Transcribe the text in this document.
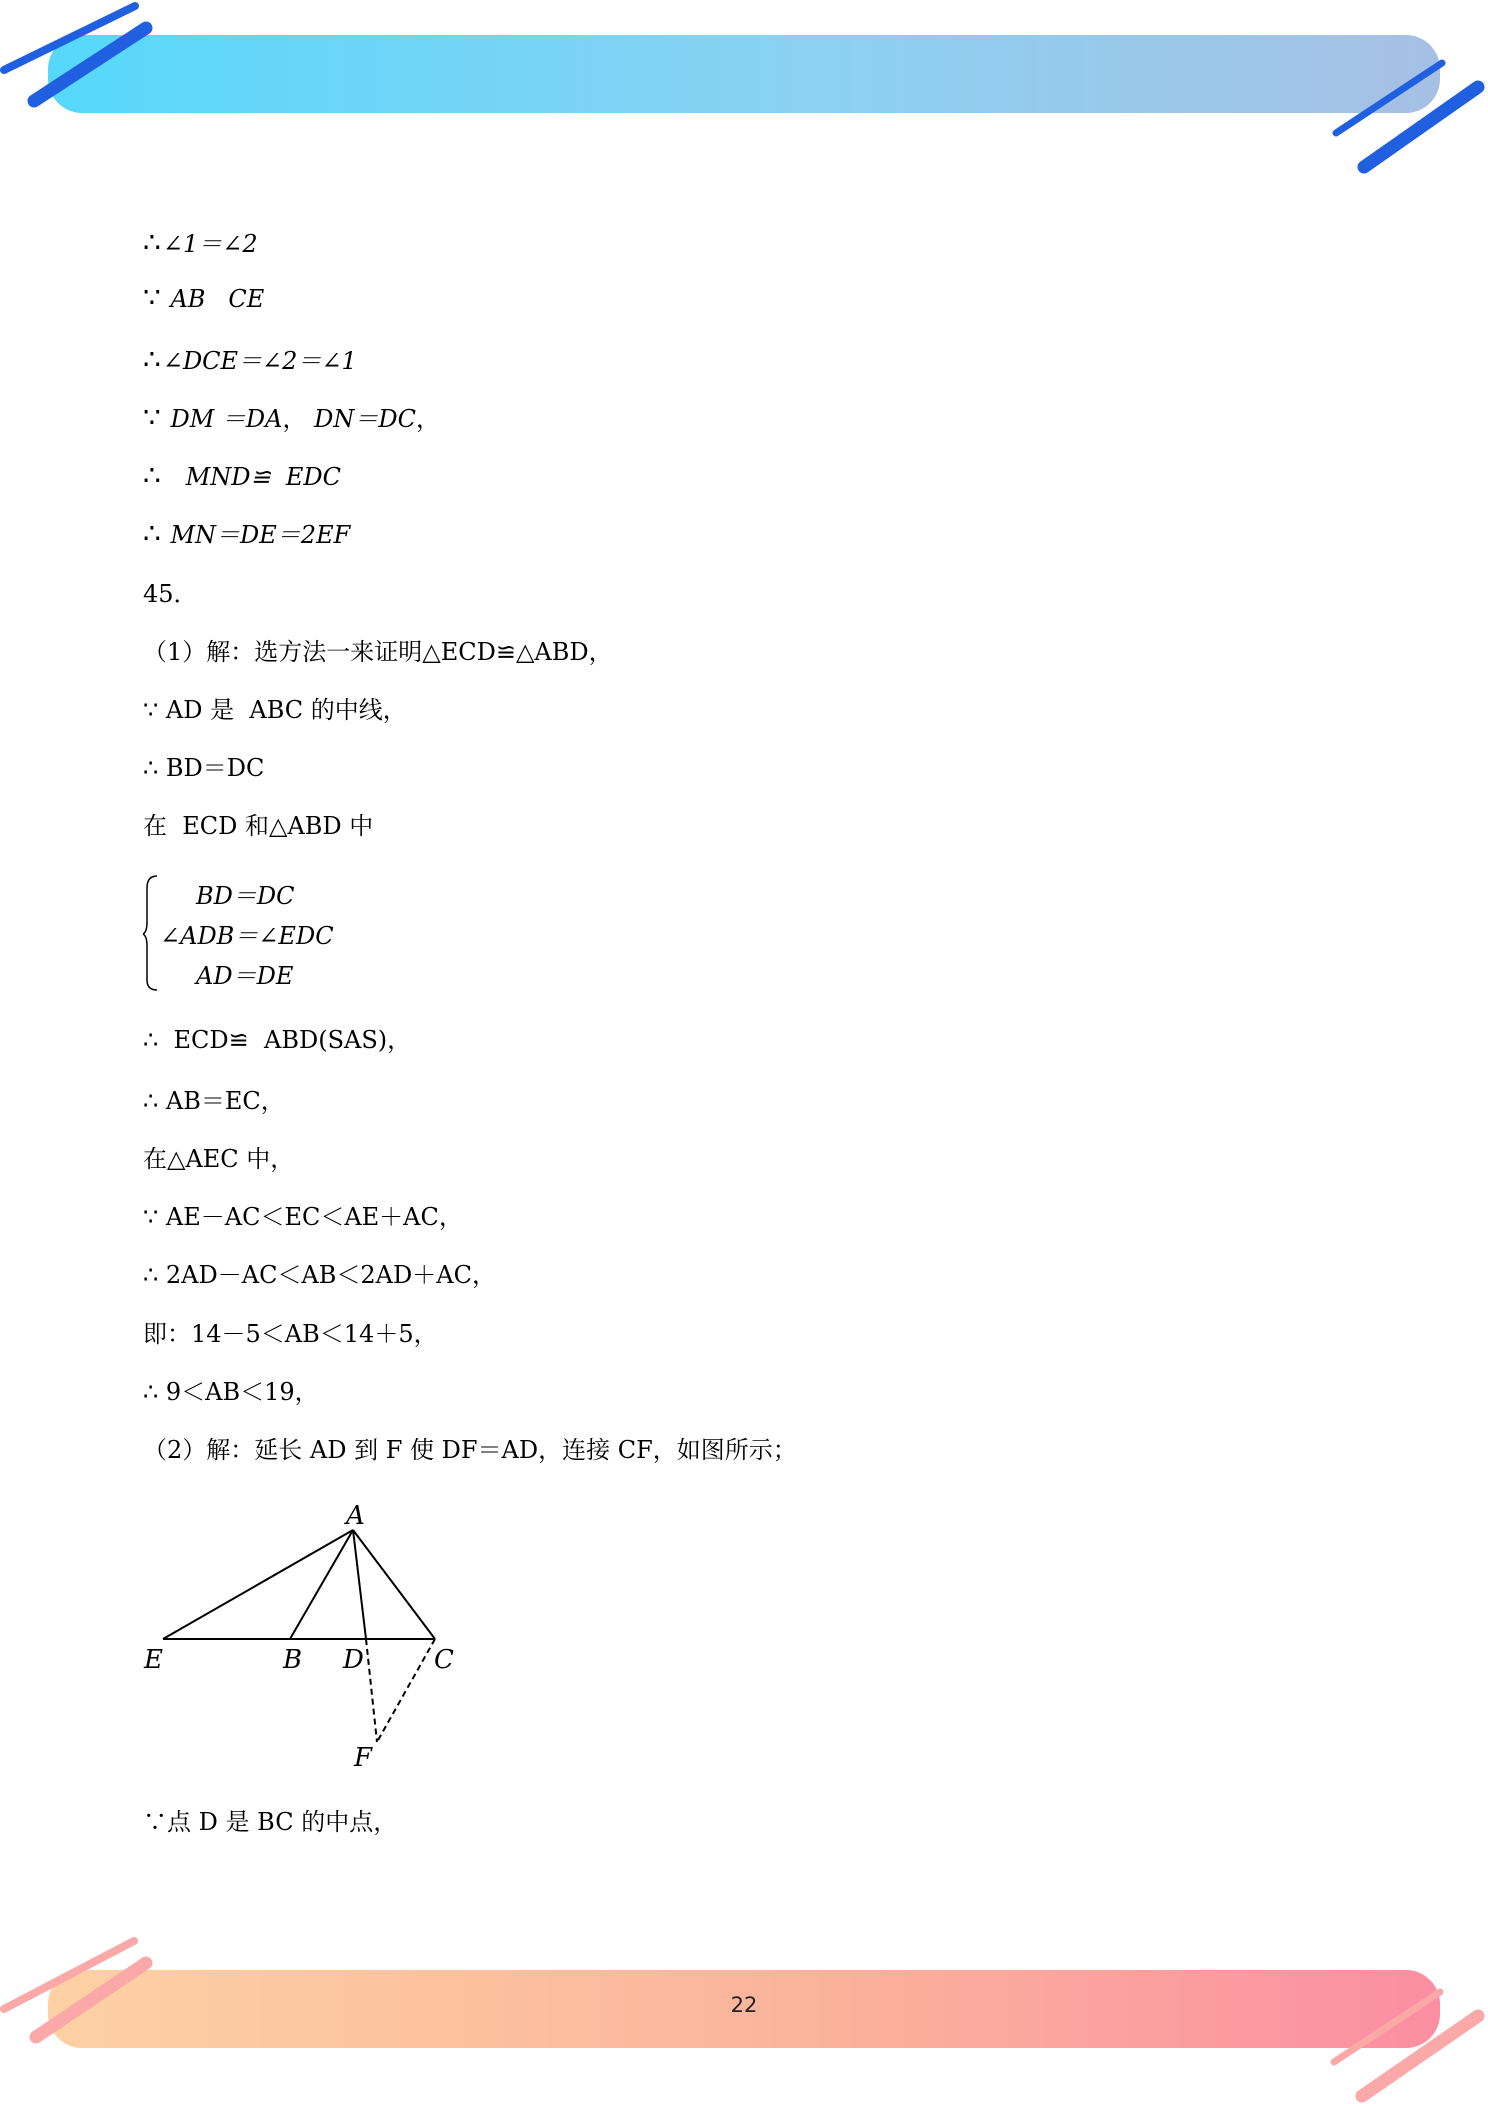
∴∠1＝∠2
∵ AB   CE
∴∠DCE＝∠2＝∠1
∵ DM ＝DA， DN＝DC，
∴ MND≌  EDC
∴ MN＝DE＝2EF
45．
（1）解：选方法一来证明△ECD≌△ABD，
∵ AD 是  ABC 的中线，
∴ BD＝DC
在  ECD 和△ABD 中
BD＝DC
∠ADB＝∠EDC
AD＝DE
∴  ECD≌  ABD(SAS)，
∴ AB＝EC，
在△AEC 中，
∵ AE－AC＜EC＜AE＋AC，
∴ 2AD－AC＜AB＜2AD＋AC，
即：14－5＜AB＜14＋5，
∴ 9＜AB＜19，
（2）解：延长 AD 到 F 使 DF＝AD，连接 CF，如图所示；
A
E	B D	C
F
∵点 D 是 BC 的中点，
22
